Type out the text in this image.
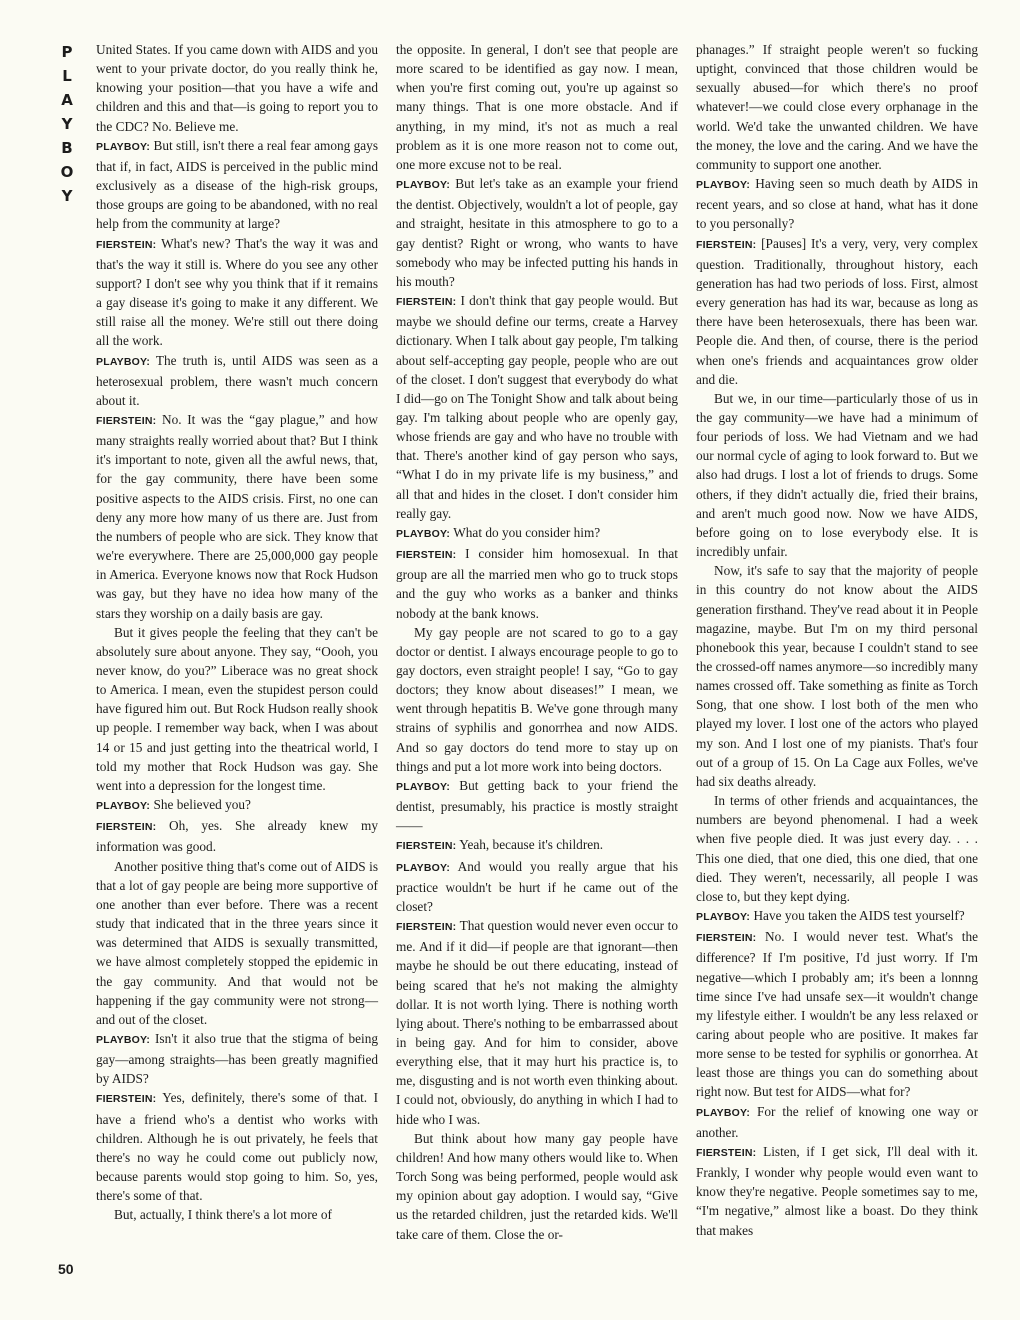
P
L
A
Y
B
O
Y
50

United States. If you came down with AIDS and you went to your private doctor, do you really think he, knowing your position—that you have a wife and children and this and that—is going to report you to the CDC? No. Believe me.

PLAYBOY: But still, isn't there a real fear among gays that if, in fact, AIDS is perceived in the public mind exclusively as a disease of the high-risk groups, those groups are going to be abandoned, with no real help from the community at large?

FIERSTEIN: What's new? That's the way it was and that's the way it still is. Where do you see any other support? I don't see why you think that if it remains a gay disease it's going to make it any different. We still raise all the money. We're still out there doing all the work.

PLAYBOY: The truth is, until AIDS was seen as a heterosexual problem, there wasn't much concern about it.

FIERSTEIN: No. It was the “gay plague,” and how many straights really worried about that? But I think it's important to note, given all the awful news, that, for the gay community, there have been some positive aspects to the AIDS crisis. First, no one can deny any more how many of us there are. Just from the numbers of people who are sick. They know that we're everywhere. There are 25,000,000 gay people in America. Everyone knows now that Rock Hudson was gay, but they have no idea how many of the stars they worship on a daily basis are gay.

But it gives people the feeling that they can't be absolutely sure about anyone. They say, “Oooh, you never know, do you?” Liberace was no great shock to America. I mean, even the stupidest person could have figured him out. But Rock Hudson really shook up people. I remember way back, when I was about 14 or 15 and just getting into the theatrical world, I told my mother that Rock Hudson was gay. She went into a depression for the longest time.

PLAYBOY: She believed you?

FIERSTEIN: Oh, yes. She already knew my information was good.

Another positive thing that's come out of AIDS is that a lot of gay people are being more supportive of one another than ever before. There was a recent study that indicated that in the three years since it was determined that AIDS is sexually transmitted, we have almost completely stopped the epidemic in the gay community. And that would not be happening if the gay community were not strong—and out of the closet.

PLAYBOY: Isn't it also true that the stigma of being gay—among straights—has been greatly magnified by AIDS?

FIERSTEIN: Yes, definitely, there's some of that. I have a friend who's a dentist who works with children. Although he is out privately, he feels that there's no way he could come out publicly now, because parents would stop going to him. So, yes, there's some of that.

But, actually, I think there's a lot more of

the opposite. In general, I don't see that people are more scared to be identified as gay now. I mean, when you're first coming out, you're up against so many things. That is one more obstacle. And if anything, in my mind, it's not as much a real problem as it is one more reason not to come out, one more excuse not to be real.

PLAYBOY: But let's take as an example your friend the dentist. Objectively, wouldn't a lot of people, gay and straight, hesitate in this atmosphere to go to a gay dentist? Right or wrong, who wants to have somebody who may be infected putting his hands in his mouth?

FIERSTEIN: I don't think that gay people would. But maybe we should define our terms, create a Harvey dictionary. When I talk about gay people, I'm talking about self-accepting gay people, people who are out of the closet. I don't suggest that everybody do what I did—go on The Tonight Show and talk about being gay. I'm talking about people who are openly gay, whose friends are gay and who have no trouble with that. There's another kind of gay person who says, “What I do in my private life is my business,” and all that and hides in the closet. I don't consider him really gay.

PLAYBOY: What do you consider him?

FIERSTEIN: I consider him homosexual. In that group are all the married men who go to truck stops and the guy who works as a banker and thinks nobody at the bank knows.

My gay people are not scared to go to a gay doctor or dentist. I always encourage people to go to gay doctors, even straight people! I say, “Go to gay doctors; they know about diseases!” I mean, we went through hepatitis B. We've gone through many strains of syphilis and gonorrhea and now AIDS. And so gay doctors do tend more to stay up on things and put a lot more work into being doctors.

PLAYBOY: But getting back to your friend the dentist, presumably, his practice is mostly straight——

FIERSTEIN: Yeah, because it's children.

PLAYBOY: And would you really argue that his practice wouldn't be hurt if he came out of the closet?

FIERSTEIN: That question would never even occur to me. And if it did—if people are that ignorant—then maybe he should be out there educating, instead of being scared that he's not making the almighty dollar. It is not worth lying. There is nothing worth lying about. There's nothing to be embarrassed about in being gay. And for him to consider, above everything else, that it may hurt his practice is, to me, disgusting and is not worth even thinking about. I could not, obviously, do anything in which I had to hide who I was.

But think about how many gay people have children! And how many others would like to. When Torch Song was being performed, people would ask my opinion about gay adoption. I would say, “Give us the retarded children, just the retarded kids. We'll take care of them. Close the or-

phanages.” If straight people weren't so fucking uptight, convinced that those children would be sexually abused—for which there's no proof whatever!—we could close every orphanage in the world. We'd take the unwanted children. We have the money, the love and the caring. And we have the community to support one another.

PLAYBOY: Having seen so much death by AIDS in recent years, and so close at hand, what has it done to you personally?

FIERSTEIN: [Pauses] It's a very, very, very complex question. Traditionally, throughout history, each generation has had two periods of loss. First, almost every generation has had its war, because as long as there have been heterosexuals, there has been war. People die. And then, of course, there is the period when one's friends and acquaintances grow older and die.

But we, in our time—particularly those of us in the gay community—we have had a minimum of four periods of loss. We had Vietnam and we had our normal cycle of aging to look forward to. But we also had drugs. I lost a lot of friends to drugs. Some others, if they didn't actually die, fried their brains, and aren't much good now. Now we have AIDS, before going on to lose everybody else. It is incredibly unfair.

Now, it's safe to say that the majority of people in this country do not know about the AIDS generation firsthand. They've read about it in People magazine, maybe. But I'm on my third personal phonebook this year, because I couldn't stand to see the crossed-off names anymore—so incredibly many names crossed off. Take something as finite as Torch Song, that one show. I lost both of the men who played my lover. I lost one of the actors who played my son. And I lost one of my pianists. That's four out of a group of 15. On La Cage aux Folles, we've had six deaths already.

In terms of other friends and acquaintances, the numbers are beyond phenomenal. I had a week when five people died. It was just every day. . . . This one died, that one died, this one died, that one died. They weren't, necessarily, all people I was close to, but they kept dying.

PLAYBOY: Have you taken the AIDS test yourself?

FIERSTEIN: No. I would never test. What's the difference? If I'm positive, I'd just worry. If I'm negative—which I probably am; it's been a lonnng time since I've had unsafe sex—it wouldn't change my lifestyle either. I wouldn't be any less relaxed or caring about people who are positive. It makes far more sense to be tested for syphilis or gonorrhea. At least those are things you can do something about right now. But test for AIDS—what for?

PLAYBOY: For the relief of knowing one way or another.

FIERSTEIN: Listen, if I get sick, I'll deal with it. Frankly, I wonder why people would even want to know they're negative. People sometimes say to me, “I'm negative,” almost like a boast. Do they think that makes
